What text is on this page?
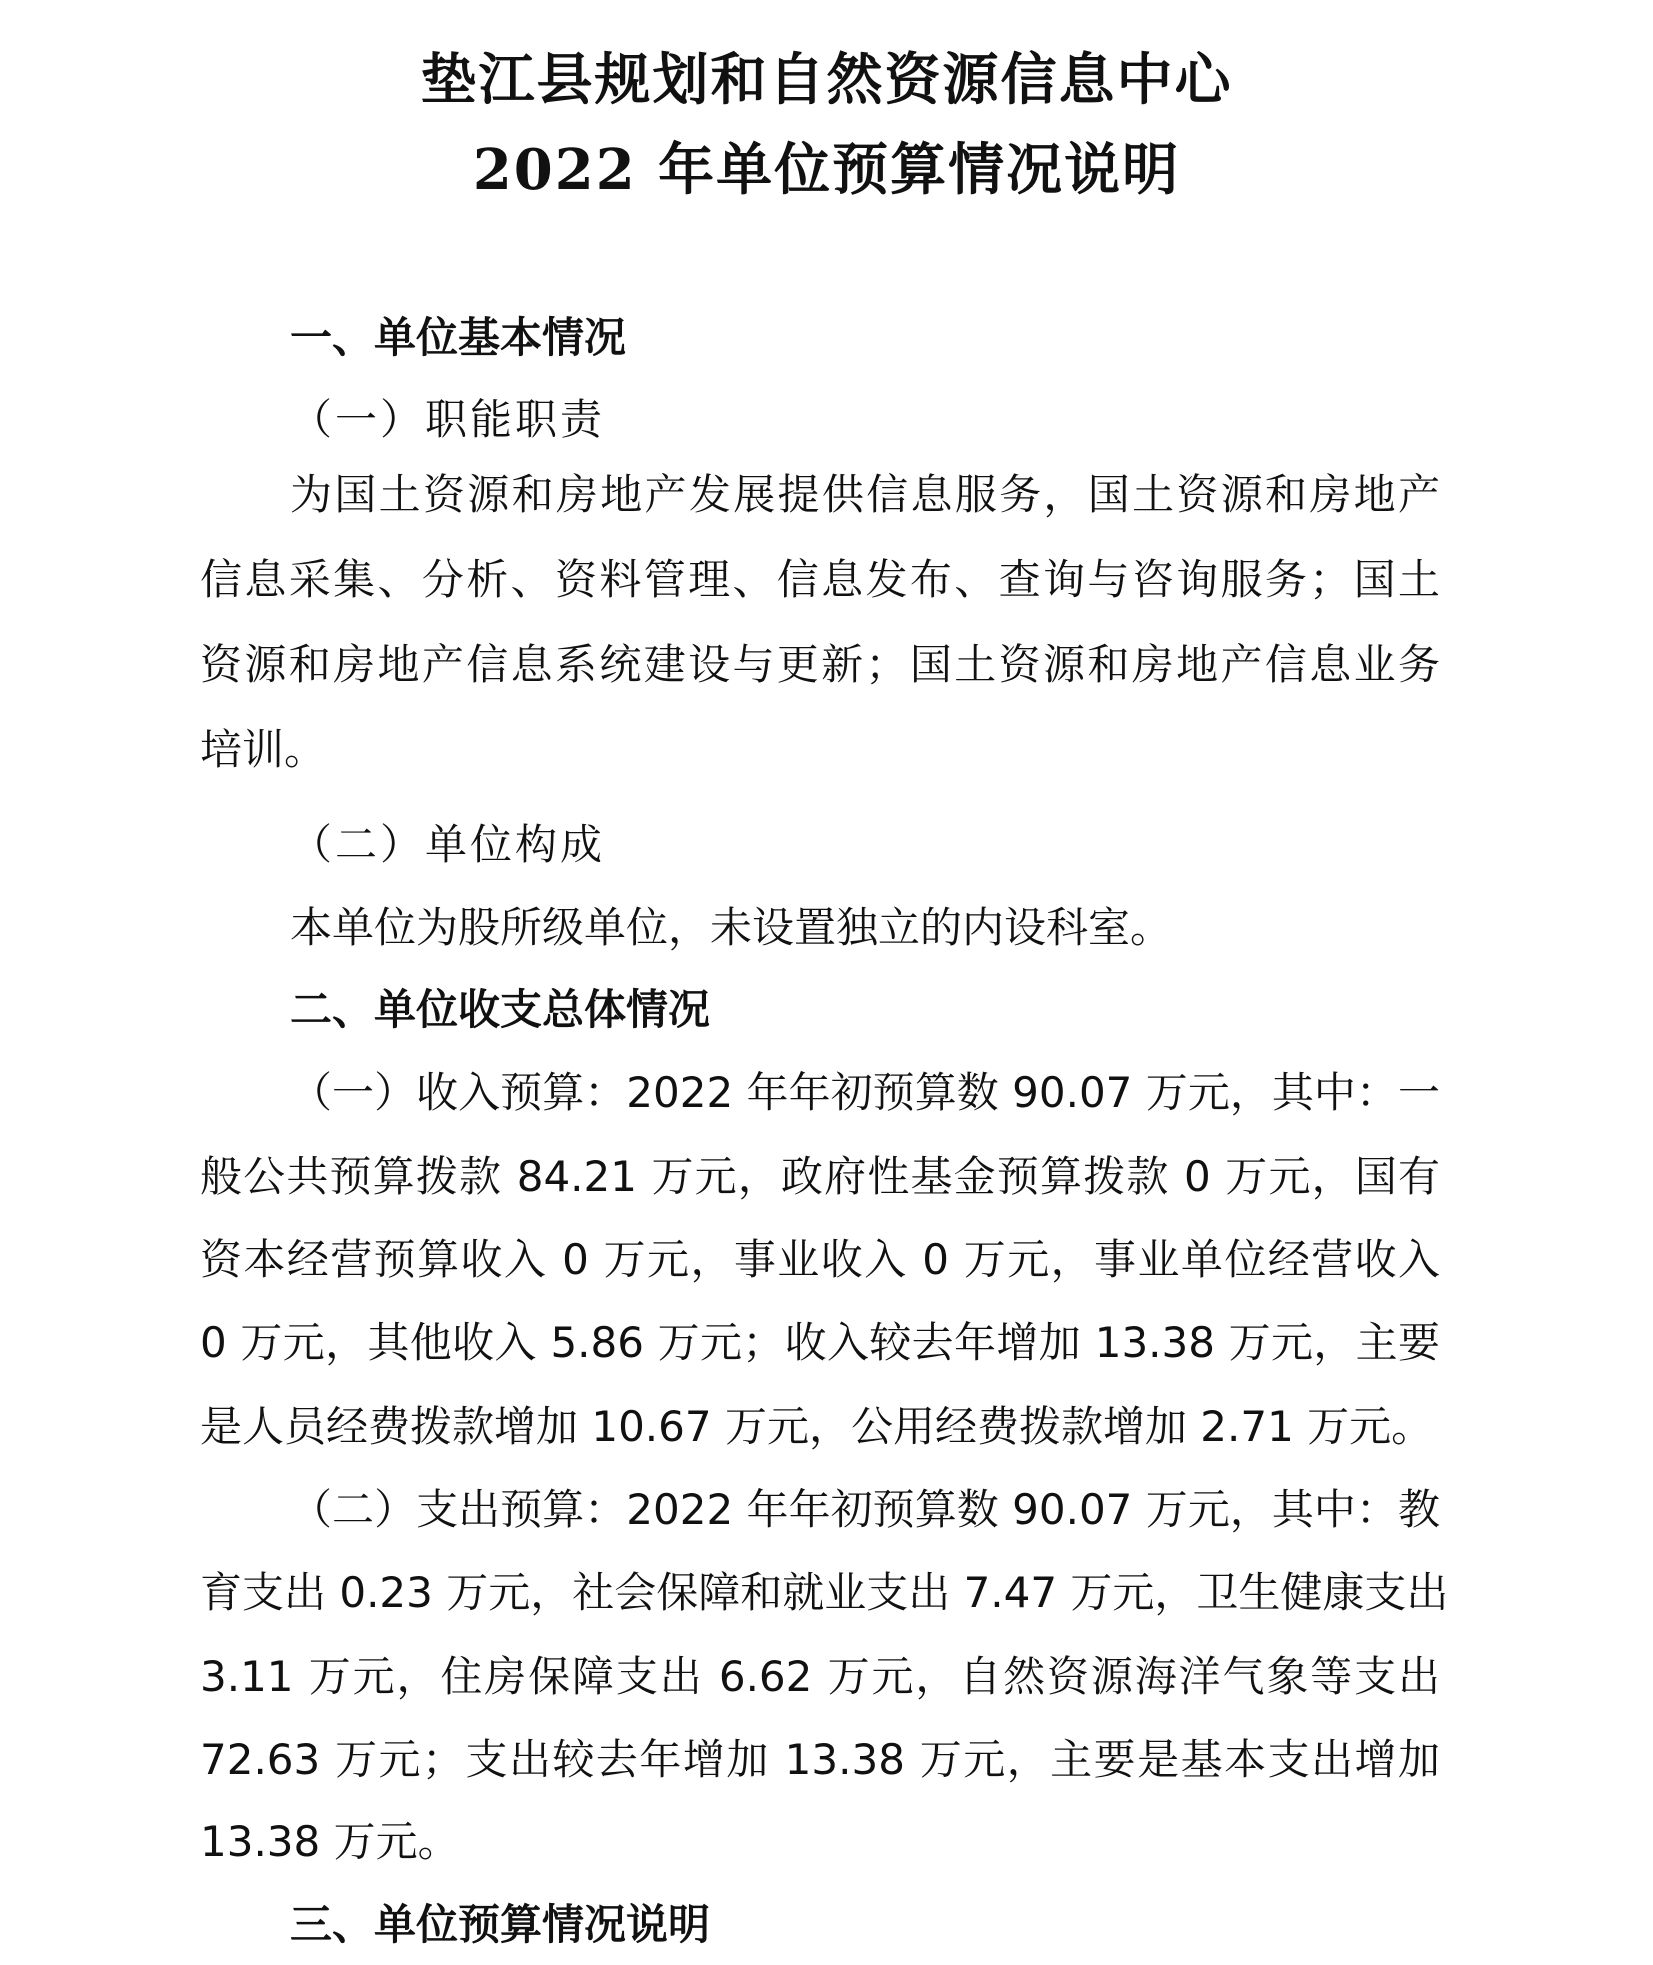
垫江县规划和自然资源信息中心
2022 年单位预算情况说明
一、单位基本情况
（一）职能职责
为国土资源和房地产发展提供信息服务，国土资源和房地产
信息采集、分析、资料管理、信息发布、查询与咨询服务；国土
资源和房地产信息系统建设与更新；国土资源和房地产信息业务
培训。
（二）单位构成
本单位为股所级单位，未设置独立的内设科室。
二、单位收支总体情况
（一）收入预算：2022 年年初预算数 90.07 万元，其中：一
般公共预算拨款 84.21 万元，政府性基金预算拨款 0 万元，国有
资本经营预算收入 0 万元，事业收入 0 万元，事业单位经营收入
0 万元，其他收入 5.86 万元；收入较去年增加 13.38 万元，主要
是人员经费拨款增加 10.67 万元，公用经费拨款增加 2.71 万元。
（二）支出预算：2022 年年初预算数 90.07 万元，其中：教
育支出 0.23 万元，社会保障和就业支出 7.47 万元，卫生健康支出
3.11 万元，住房保障支出 6.62 万元，自然资源海洋气象等支出
72.63 万元；支出较去年增加 13.38 万元，主要是基本支出增加
13.38 万元。
三、单位预算情况说明
